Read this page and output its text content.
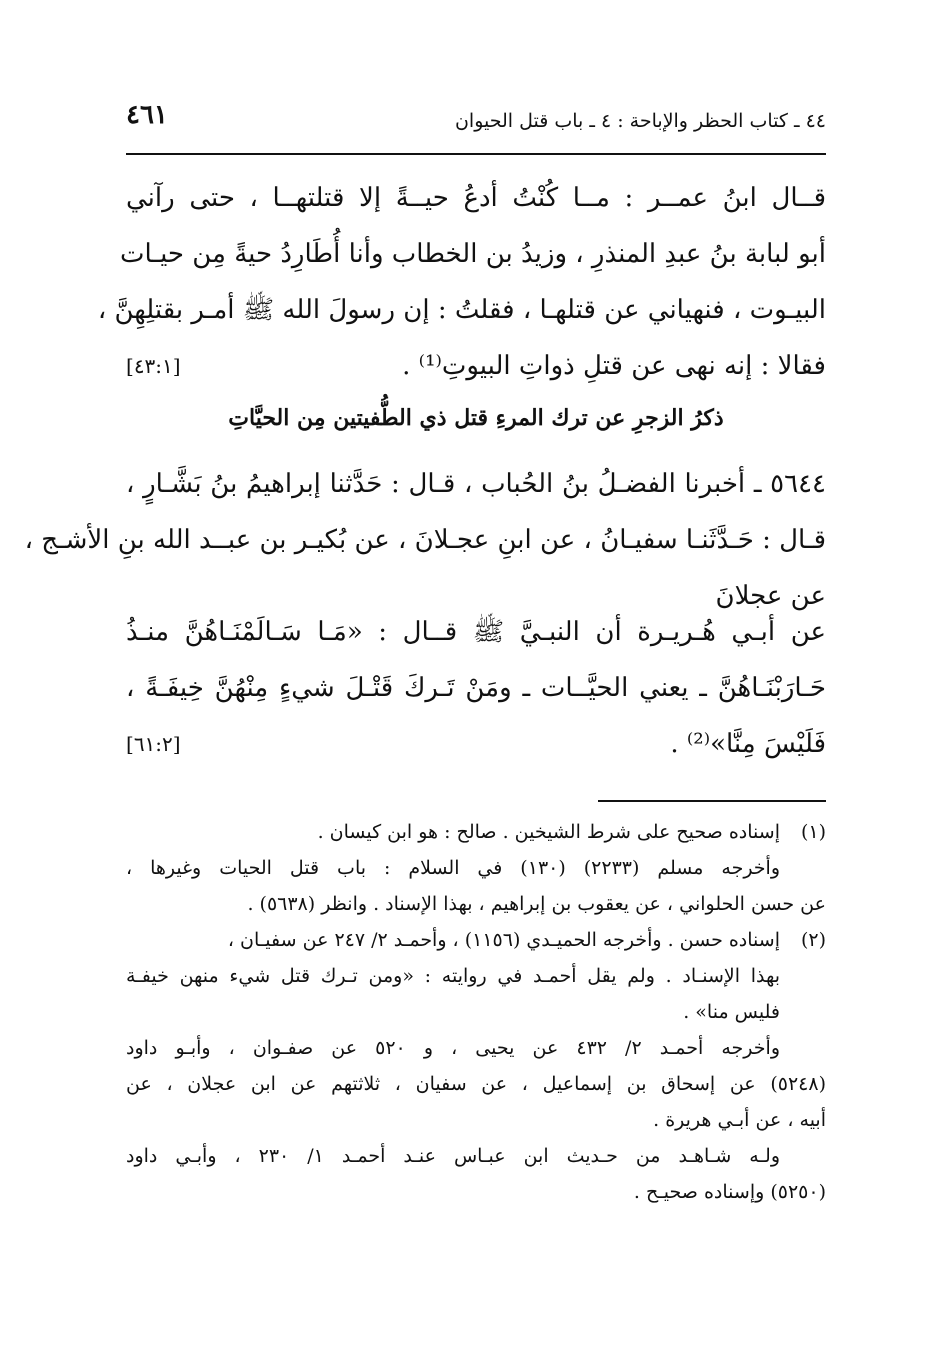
٤٤ ـ كتاب الحظر والإباحة : ٤ ـ باب قتل الحيوان
٤٦١
قــال ابنُ عمــر : مــا كُنْتُ أدعُ حيــةً إلا قتلتهــا ، حتى رآني
أبو لبابة بنُ عبدِ المنذرِ ، وزيدُ بن الخطاب وأنا أُطَارِدُ حيةً مِن حيـات
البيـوت ، فنهياني عن قتلهـا ، فقلتُ : إن رسولَ الله ﷺ أمـر بقتلِهِنَّ ،
فقالا : إنه نهى عن قتلِ ذواتِ البيوتِ⁽¹⁾ .
[٤٣:١]
ذكرُ الزجرِ عن ترك المرءِ قتل ذي الطُّفيتين مِن الحيَّاتِ
٥٦٤٤ ـ أخبرنا الفضـلُ بنُ الحُباب ، قـال : حَدَّثنا إبراهيمُ بنُ بَشَّـارٍ ،
قـال : حَـدَّثَنـا سفيـانُ ، عن ابنِ عجـلانَ ، عن بُكيـر بن عبــد الله بنِ الأشـج ،
عن عجلانَ
عن أبـي هُـريـرة أن النبـيَّ ﷺ قــال : «مَـا سَـالَمْنَـاهُنَّ منـذُ
حَـارَبْنَـاهُنَّ ـ يعني الحيَّــات ـ ومَنْ تَـركَ قَتْـلَ شيءٍ مِنْهُنَّ خِيفَـةً ،
فَلَيْسَ مِنَّا»⁽²⁾ .
[٦١:٢]
(١)إسناده صحيح على شرط الشيخين . صالح : هو ابن كيسان .
وأخرجه مسلم (٢٢٣٣) (١٣٠) في السلام : باب قتل الحيات وغيرها ،
عن حسن الحلواني ، عن يعقوب بن إبراهيم ، بهذا الإسناد . وانظر (٥٦٣٨) .
(٢)إسناده حسن . وأخرجه الحميـدي (١١٥٦) ، وأحمـد ٢/ ٢٤٧ عن سفيـان ،
بهذا الإسنـاد . ولم يقل أحمـد في روايته : «ومن تـرك قتل شيء منهن خيفـة
فليس منا» .
وأخرجه أحمـد ٢/ ٤٣٢ عن يحيى ، و ٥٢٠ عن صفـوان ، وأبـو داود
(٥٢٤٨) عن إسحاق بن إسماعيل ، عن سفيان ، ثلاثتهم عن ابن عجلان ، عن
أبيه ، عن أبـي هريرة .
ولـه شـاهـد من حـديث ابن عبـاس عنـد أحمـد ١/ ٢٣٠ ، وأبـي داود
(٥٢٥٠) وإسناده صحيـح .
